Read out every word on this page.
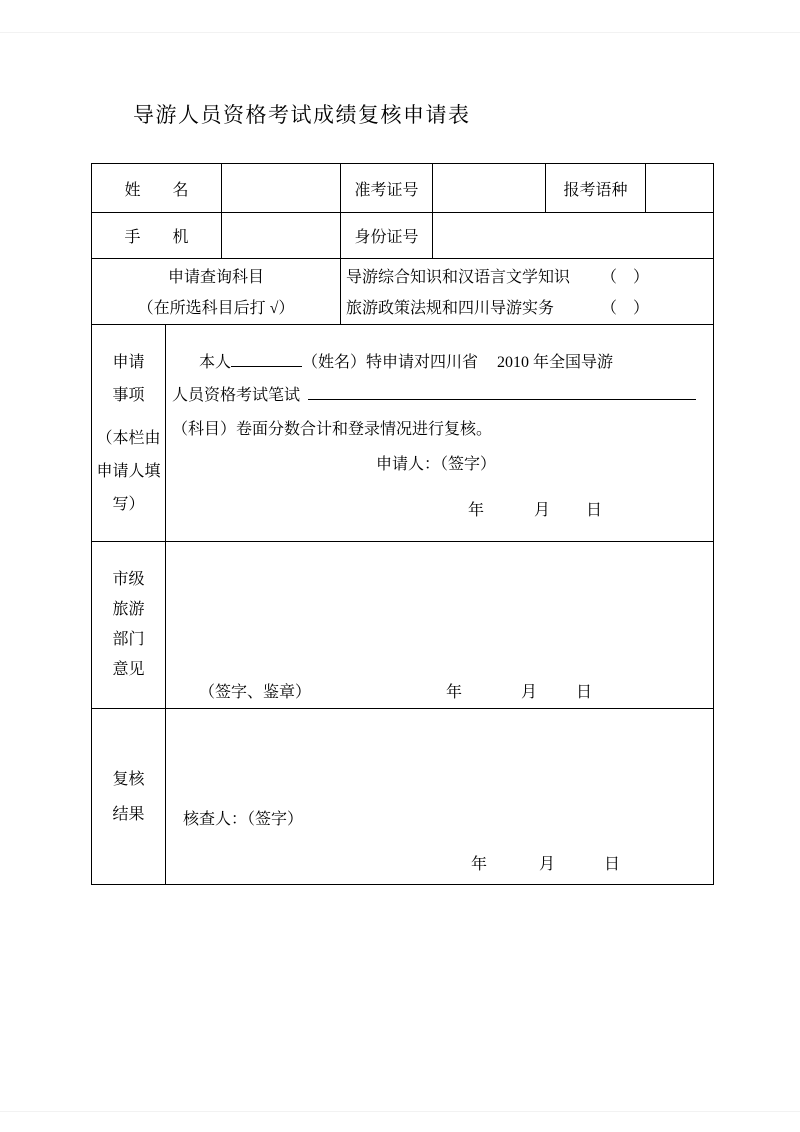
导游人员资格考试成绩复核申请表
姓　　名			准考证号		报考语种	
手　　机			身份证号			

申请查询科目
（在所选科目后打 √）

导游综合知识和汉语言文学知识 （　）
旅游政策法规和四川导游实务	（　）

申请
事项
（本栏由
申请人填
写）

本人	（姓名）特申请对四川省 2010 年全国导游
人员资格考试笔试
（科目）卷面分数合计和登录情况进行复核。
申请人：（签字）
年	月 日

市级
旅游
部门
意见

（签字、鉴章）	年	月 日

复核
结果	核查人：（签字）
年	月	日
